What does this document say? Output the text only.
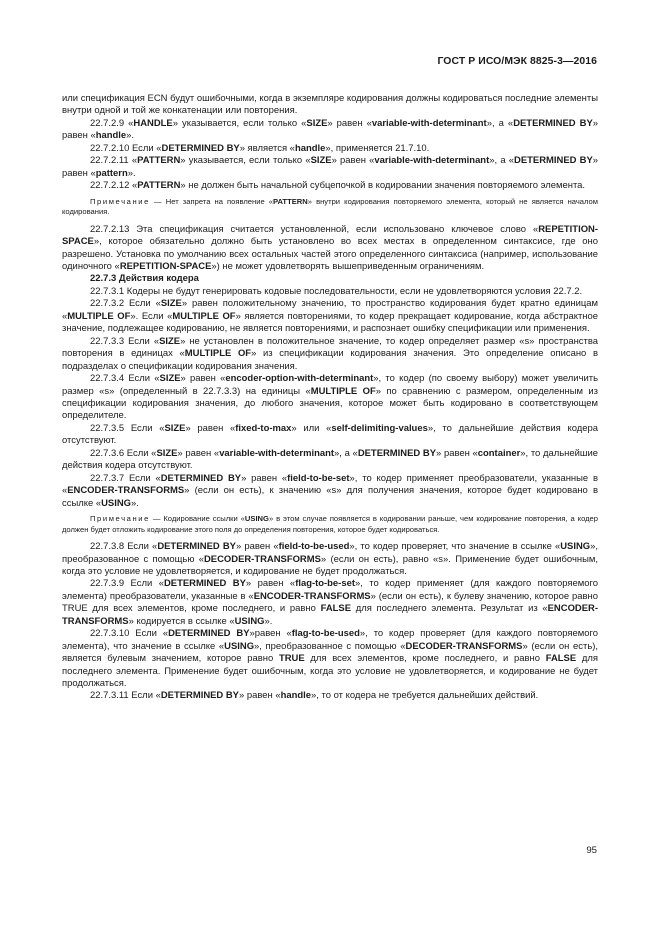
ГОСТ Р ИСО/МЭК 8825-3—2016

или спецификация ECN будут ошибочными, когда в экземпляре кодирования должны кодироваться последние элементы внутри одной и той же конкатенации или повторения.

22.7.2.9 «HANDLE» указывается, если только «SIZE» равен «variable-with-determinant», а «DETERMINED BY» равен «handle».

22.7.2.10 Если «DETERMINED BY» является «handle», применяется 21.7.10.

22.7.2.11 «PATTERN» указывается, если только «SIZE» равен «variable-with-determinant», а «DETERMINED BY» равен «pattern».

22.7.2.12 «PATTERN» не должен быть начальной субцепочкой в кодировании значения повторяемого элемента.

Примечание — Нет запрета на появление «PATTERN» внутри кодирования повторяемого элемента, который не является началом кодирования.

22.7.2.13 Эта спецификация считается установленной, если использовано ключевое слово «REPETITION-SPACE», которое обязательно должно быть установлено во всех местах в определенном синтаксисе, где оно разрешено. Установка по умолчанию всех остальных частей этого определенного синтаксиса (например, использование одиночного «REPETITION-SPACE») не может удовлетворять вышеприведенным ограничениям.

22.7.3 Действия кодера

22.7.3.1 Кодеры не будут генерировать кодовые последовательности, если не удовлетворяются условия 22.7.2.

22.7.3.2 Если «SIZE» равен положительному значению, то пространство кодирования будет кратно единицам «MULTIPLE OF». Если «MULTIPLE OF» является повторениями, то кодер прекращает кодирование, когда абстрактное значение, подлежащее кодированию, не является повторениями, и распознает ошибку спецификации или применения.

22.7.3.3 Если «SIZE» не установлен в положительное значение, то кодер определяет размер «s» пространства повторения в единицах «MULTIPLE OF» из спецификации кодирования значения. Это определение описано в подразделах о спецификации кодирования значения.

22.7.3.4 Если «SIZE» равен «encoder-option-with-determinant», то кодер (по своему выбору) может увеличить размер «s» (определенный в 22.7.3.3) на единицы «MULTIPLE OF» по сравнению с размером, определенным из спецификации кодирования значения, до любого значения, которое может быть кодировано в соответствующем определителе.

22.7.3.5 Если «SIZE» равен «fixed-to-max» или «self-delimiting-values», то дальнейшие действия кодера отсутствуют.

22.7.3.6 Если «SIZE» равен «variable-with-determinant», а «DETERMINED BY» равен «container», то дальнейшие действия кодера отсутствуют.

22.7.3.7 Если «DETERMINED BY» равен «field-to-be-set», то кодер применяет преобразователи, указанные в «ENCODER-TRANSFORMS» (если он есть), к значению «s» для получения значения, которое будет кодировано в ссылке «USING».

Примечание — Кодирование ссылки «USING» в этом случае появляется в кодировании раньше, чем кодирование повторения, а кодер должен будет отложить кодирование этого поля до определения повторения, которое будет кодироваться.

22.7.3.8 Если «DETERMINED BY» равен «field-to-be-used», то кодер проверяет, что значение в ссылке «USING», преобразованное с помощью «DECODER-TRANSFORMS» (если он есть), равно «s». Применение будет ошибочным, когда это условие не удовлетворяется, и кодирование не будет продолжаться.

22.7.3.9 Если «DETERMINED BY» равен «flag-to-be-set», то кодер применяет (для каждого повторяемого элемента) преобразователи, указанные в «ENCODER-TRANSFORMS» (если он есть), к булеву значению, которое равно TRUE для всех элементов, кроме последнего, и равно FALSE для последнего элемента. Результат из «ENCODER-TRANSFORMS» кодируется в ссылке «USING».

22.7.3.10 Если «DETERMINED BY»равен «flag-to-be-used», то кодер проверяет (для каждого повторяемого элемента), что значение в ссылке «USING», преобразованное с помощью «DECODER-TRANSFORMS» (если он есть), является булевым значением, которое равно TRUE для всех элементов, кроме последнего, и равно FALSE для последнего элемента. Применение будет ошибочным, когда это условие не удовлетворяется, и кодирование не будет продолжаться.

22.7.3.11 Если «DETERMINED BY» равен «handle», то от кодера не требуется дальнейших действий.

95
